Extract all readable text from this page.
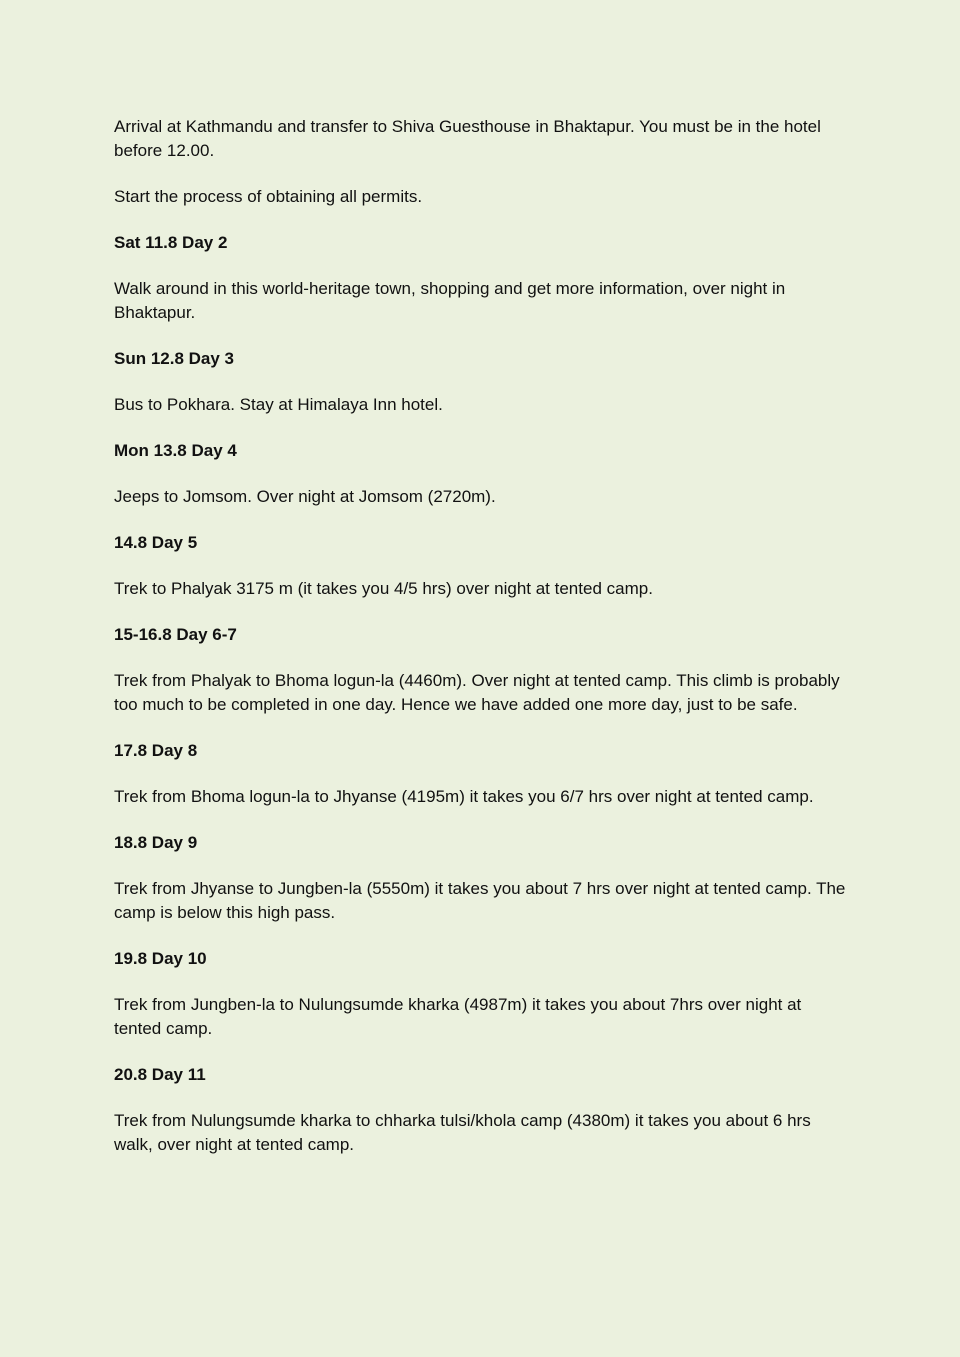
Arrival at Kathmandu and transfer to Shiva Guesthouse in Bhaktapur. You must be in the hotel before 12.00.

Start the process of obtaining all permits.

Sat 11.8 Day 2

Walk around in this world-heritage town, shopping and get more information, over night in Bhaktapur.

Sun 12.8 Day 3

Bus to Pokhara. Stay at Himalaya Inn hotel.

Mon 13.8 Day 4

Jeeps to Jomsom. Over night at Jomsom (2720m).

14.8 Day 5

Trek to Phalyak 3175 m (it takes you 4/5 hrs) over night at tented camp.

15-16.8 Day 6-7

Trek from Phalyak to Bhoma logun-la (4460m). Over night at tented camp. This climb is probably too much to be completed in one day. Hence we have added one more day, just to be safe.

17.8 Day 8

Trek from Bhoma logun-la to Jhyanse (4195m) it takes you 6/7 hrs over night at tented camp.

18.8 Day 9

Trek from Jhyanse to Jungben-la (5550m) it takes you about 7 hrs over night at tented camp. The camp is below this high pass.

19.8 Day 10

Trek from Jungben-la to Nulungsumde kharka (4987m) it takes you about 7hrs over night at tented camp.

20.8 Day 11

Trek from Nulungsumde kharka to chharka tulsi/khola camp (4380m) it takes you about 6 hrs walk, over night at tented camp.
